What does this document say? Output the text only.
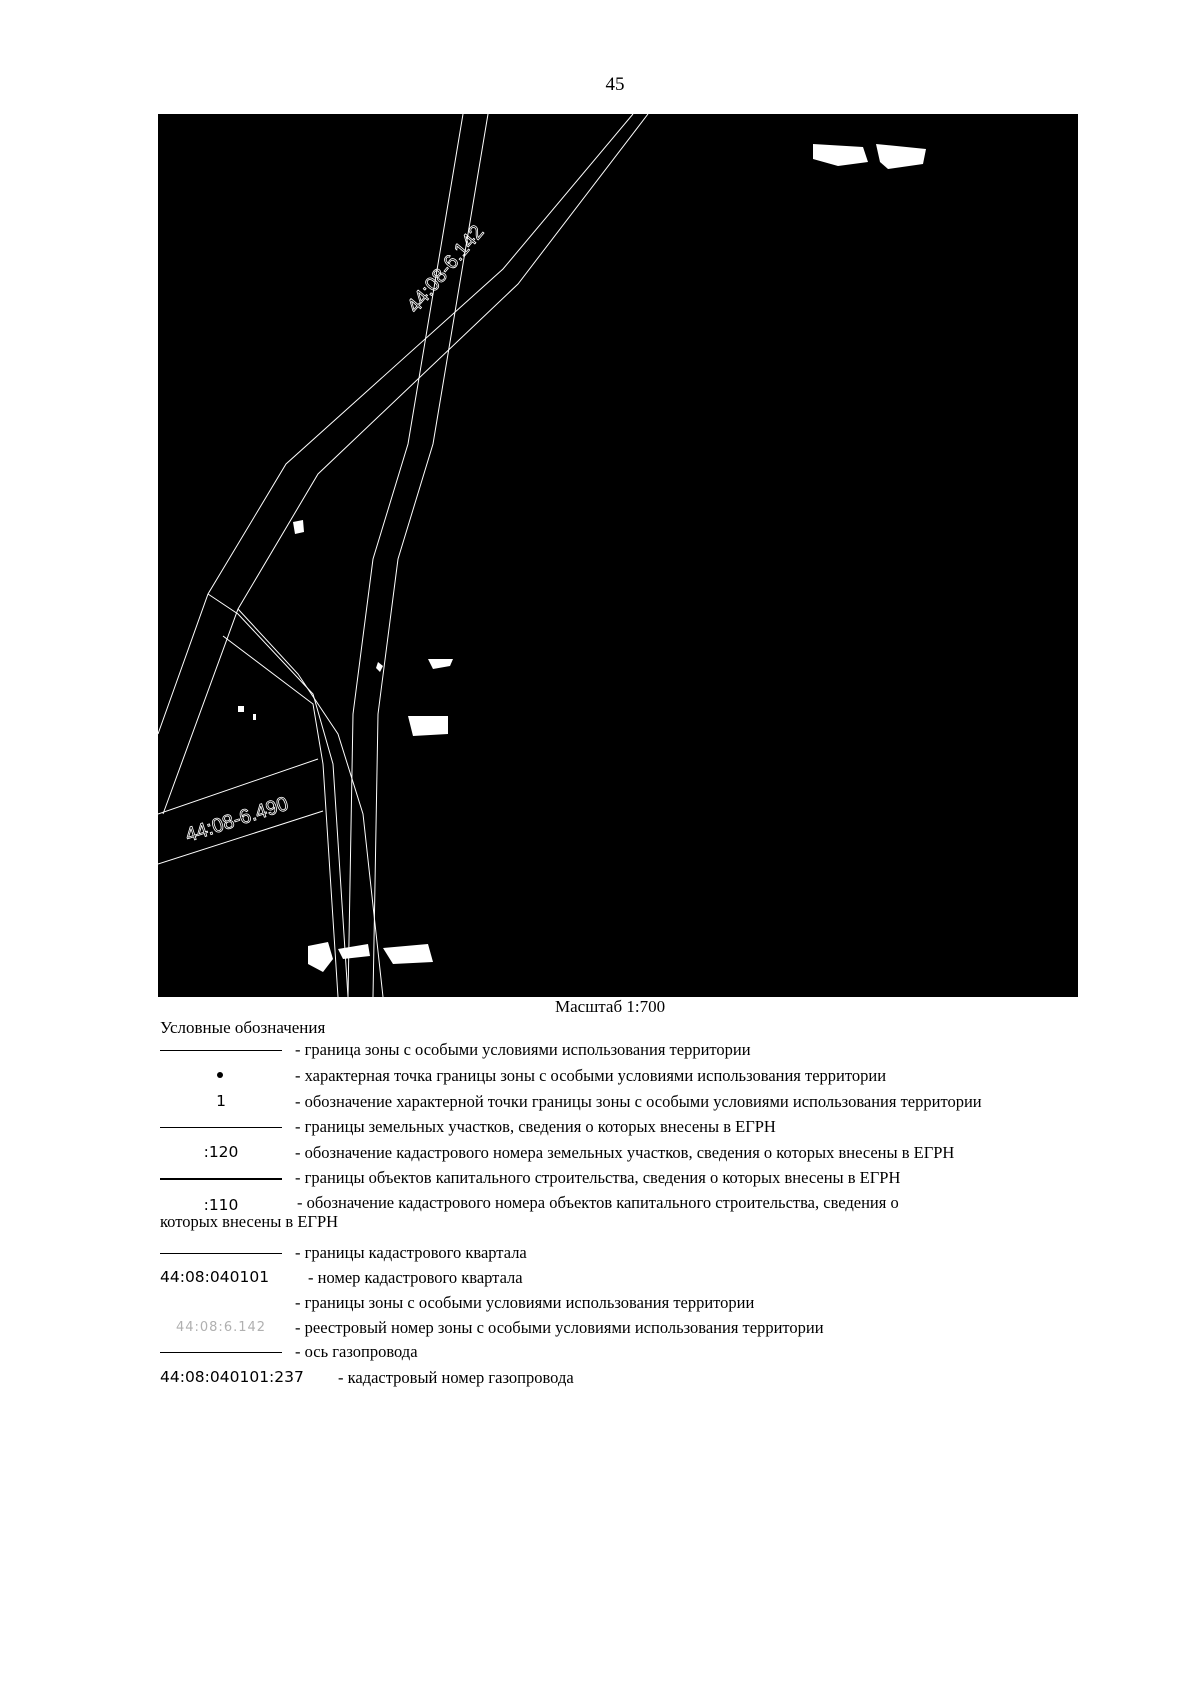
45
44:08-6.142
44:08-6.490
Масштаб 1:700
Условные обозначения
- граница зоны с особыми условиями использования территории
- характерная точка границы зоны с особыми условиями использования территории
1	- обозначение характерной точки границы зоны с особыми условиями использования территории
- границы земельных участков, сведения о которых внесены в ЕГРН
:120	- обозначение кадастрового номера земельных участков, сведения о которых внесены в ЕГРН
- границы объектов капитального строительства, сведения о которых внесены в ЕГРН
:110	- обозначение кадастрового номера объектов капитального строительства, сведения о которых внесены в ЕГРН
- границы кадастрового квартала
44:08:040101	- номер кадастрового квартала
- границы зоны с особыми условиями использования территории
44:08:6.142	- реестровый номер зоны с особыми условиями использования территории
- ось газопровода
44:08:040101:237	- кадастровый номер газопровода
